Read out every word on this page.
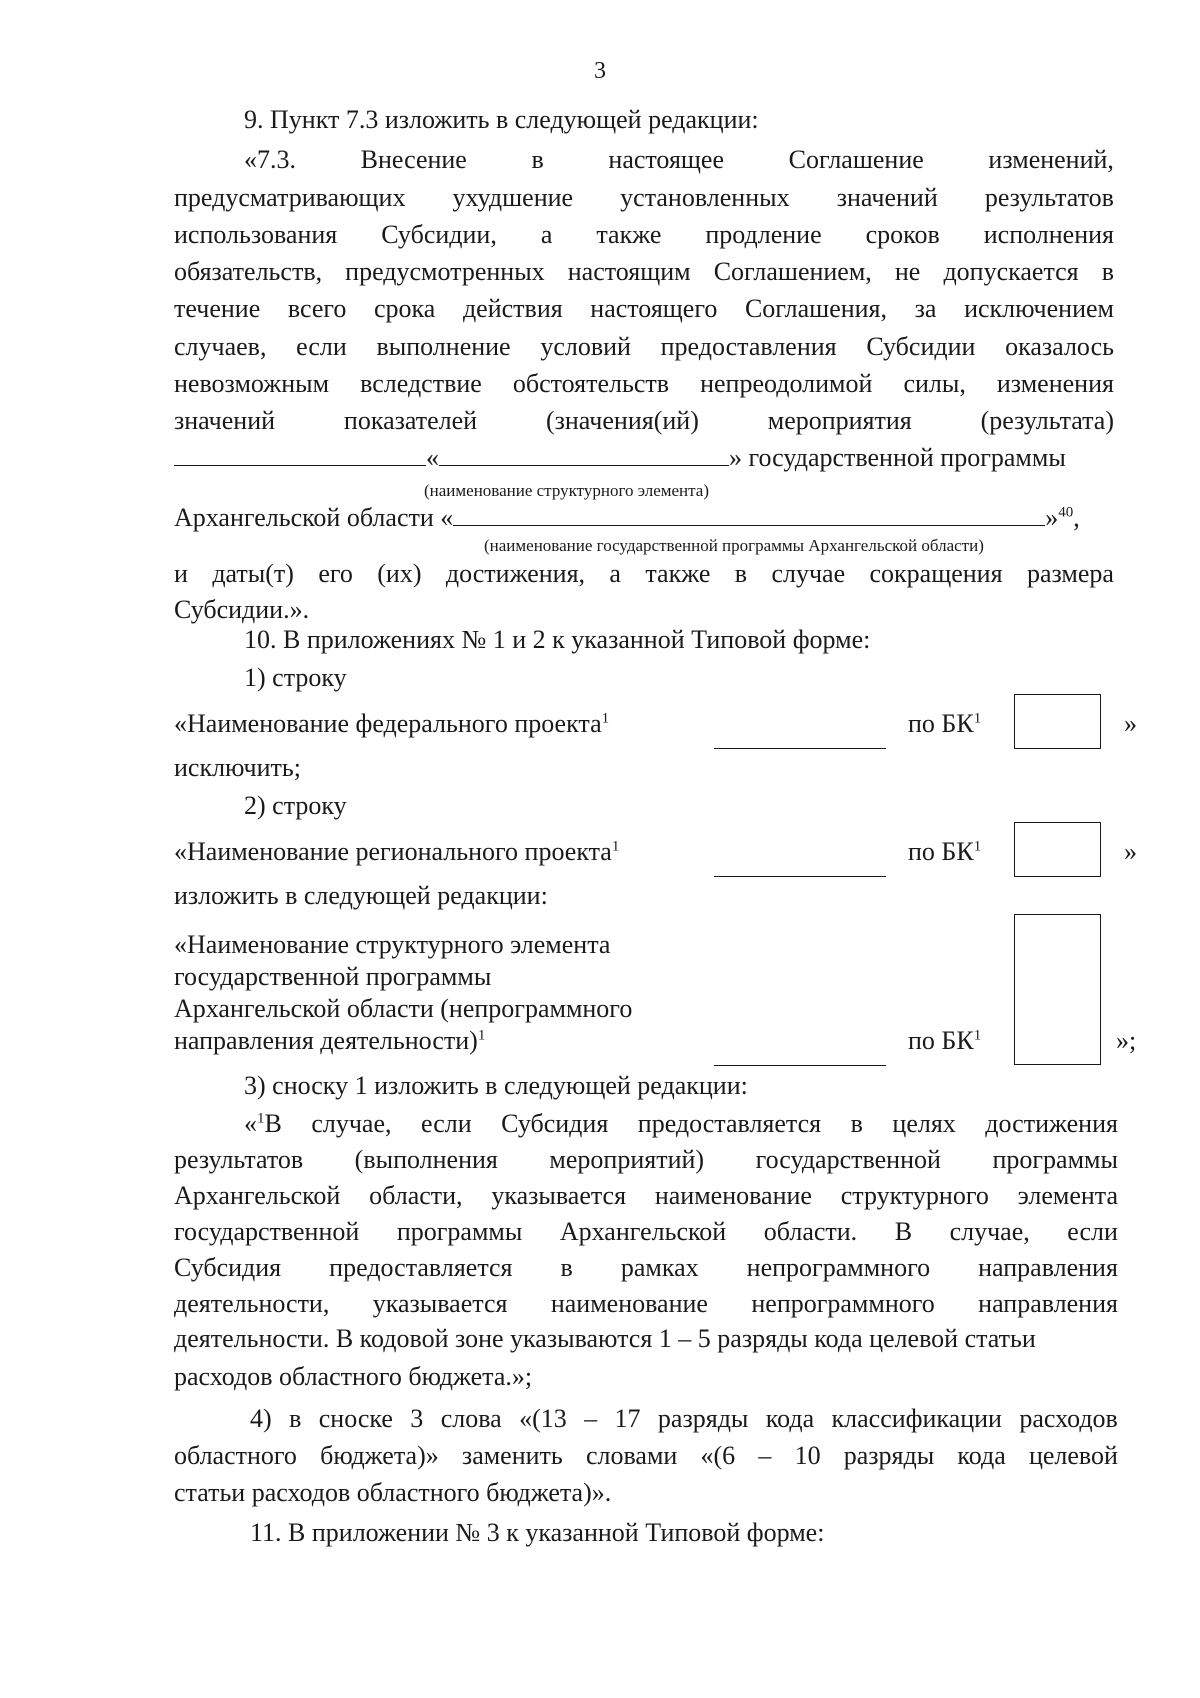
3
9. Пункт 7.3 изложить в следующей редакции:
«7.3. Внесение в настоящее Соглашение изменений,
предусматривающих ухудшение установленных значений результатов
использования Субсидии, а также продление сроков исполнения
обязательств, предусмотренных настоящим Соглашением, не допускается в
течение всего срока действия настоящего Соглашения, за исключением
случаев, если выполнение условий предоставления Субсидии оказалось
невозможным вследствие обстоятельств непреодолимой силы, изменения
значений	показателей	(значения(ий)	мероприятия	(результата)
«	» государственной программы
(наименование структурного элемента)
Архангельской области «	»$^{40}$,
(наименование государственной программы Архангельской области)
и даты(т) его (их) достижения, а также в случае сокращения размера
Субсидии.».
10. В приложениях № 1 и 2 к указанной Типовой форме:
1) строку
«Наименование федерального проекта$^1$	по $БК^1$	»
исключить;
2) строку
«Наименование регионального проекта$^1$	по $БК^1$	»
изложить в следующей редакции:
«Наименование структурного элемента
государственной программы
Архангельской области (непрограммного
направления деятельности)$^1$	по $БК^1$	»;
3) сноску 1 изложить в следующей редакции:
«$^1$В случае, если Субсидия предоставляется в целях достижения
результатов (выполнения мероприятий) государственной программы
Архангельской области, указывается наименование структурного элемента
государственной программы Архангельской области. В случае, если
Субсидия предоставляется в рамках непрограммного направления
деятельности, указывается наименование непрограммного направления
деятельности. В кодовой зоне указываются 1 – 5 разряды кода целевой статьи
расходов областного бюджета.»;
4) в сноске 3 слова «(13 – 17 разряды кода классификации расходов
областного бюджета)» заменить словами «(6 – 10 разряды кода целевой
статьи расходов областного бюджета)».
11. В приложении № 3 к указанной Типовой форме:
